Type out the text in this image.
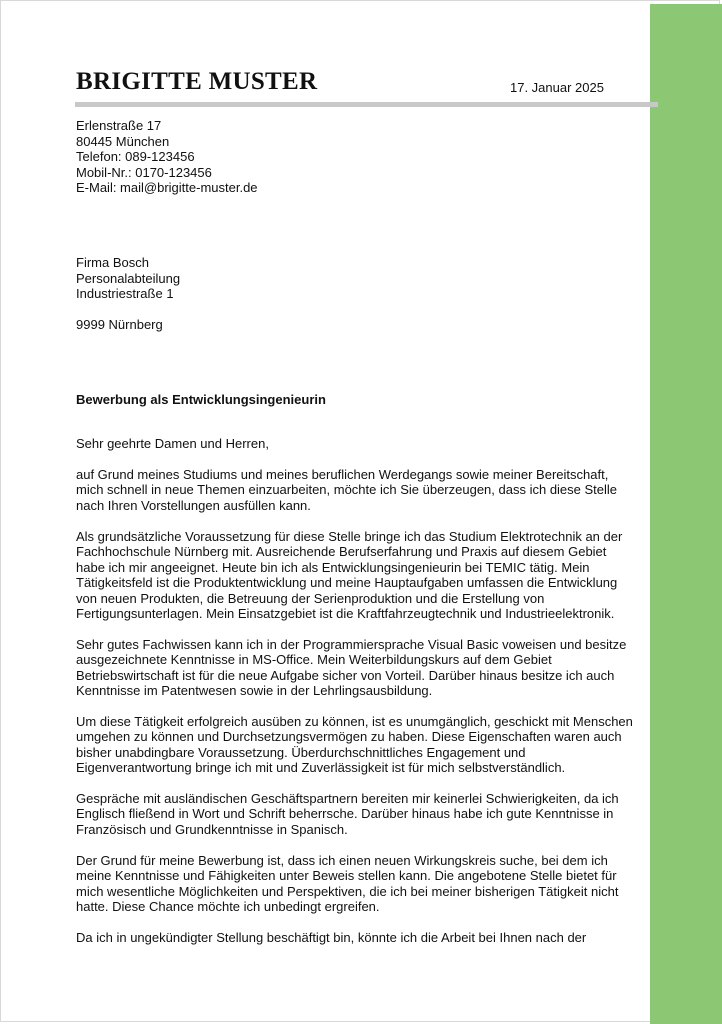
BRIGITTE MUSTER	17. Januar 2025
Erlenstraße 17
80445 München
Telefon: 089-123456
Mobil-Nr.: 0170-123456
E-Mail: mail@brigitte-muster.de
Firma Bosch
Personalabteilung
Industriestraße 1
9999 Nürnberg
Bewerbung als Entwicklungsingenieurin
Sehr geehrte Damen und Herren,
auf Grund meines Studiums und meines beruflichen Werdegangs sowie meiner Bereitschaft,
mich schnell in neue Themen einzuarbeiten, möchte ich Sie überzeugen, dass ich diese Stelle
nach Ihren Vorstellungen ausfüllen kann.
Als grundsätzliche Voraussetzung für diese Stelle bringe ich das Studium Elektrotechnik an der
Fachhochschule Nürnberg mit. Ausreichende Berufserfahrung und Praxis auf diesem Gebiet
habe ich mir angeeignet. Heute bin ich als Entwicklungsingenieurin bei TEMIC tätig. Mein
Tätigkeitsfeld ist die Produktentwicklung und meine Hauptaufgaben umfassen die Entwicklung
von neuen Produkten, die Betreuung der Serienproduktion und die Erstellung von
Fertigungsunterlagen. Mein Einsatzgebiet ist die Kraftfahrzeugtechnik und Industrieelektronik.
Sehr gutes Fachwissen kann ich in der Programmiersprache Visual Basic voweisen und besitze
ausgezeichnete Kenntnisse in MS-Office. Mein Weiterbildungskurs auf dem Gebiet
Betriebswirtschaft ist für die neue Aufgabe sicher von Vorteil. Darüber hinaus besitze ich auch
Kenntnisse im Patentwesen sowie in der Lehrlingsausbildung.
Um diese Tätigkeit erfolgreich ausüben zu können, ist es unumgänglich, geschickt mit Menschen
umgehen zu können und Durchsetzungsvermögen zu haben. Diese Eigenschaften waren auch
bisher unabdingbare Voraussetzung. Überdurchschnittliches Engagement und
Eigenverantwortung bringe ich mit und Zuverlässigkeit ist für mich selbstverständlich.
Gespräche mit ausländischen Geschäftspartnern bereiten mir keinerlei Schwierigkeiten, da ich
Englisch fließend in Wort und Schrift beherrsche. Darüber hinaus habe ich gute Kenntnisse in
Französisch und Grundkenntnisse in Spanisch.
Der Grund für meine Bewerbung ist, dass ich einen neuen Wirkungskreis suche, bei dem ich
meine Kenntnisse und Fähigkeiten unter Beweis stellen kann. Die angebotene Stelle bietet für
mich wesentliche Möglichkeiten und Perspektiven, die ich bei meiner bisherigen Tätigkeit nicht
hatte. Diese Chance möchte ich unbedingt ergreifen.
Da ich in ungekündigter Stellung beschäftigt bin, könnte ich die Arbeit bei Ihnen nach der
